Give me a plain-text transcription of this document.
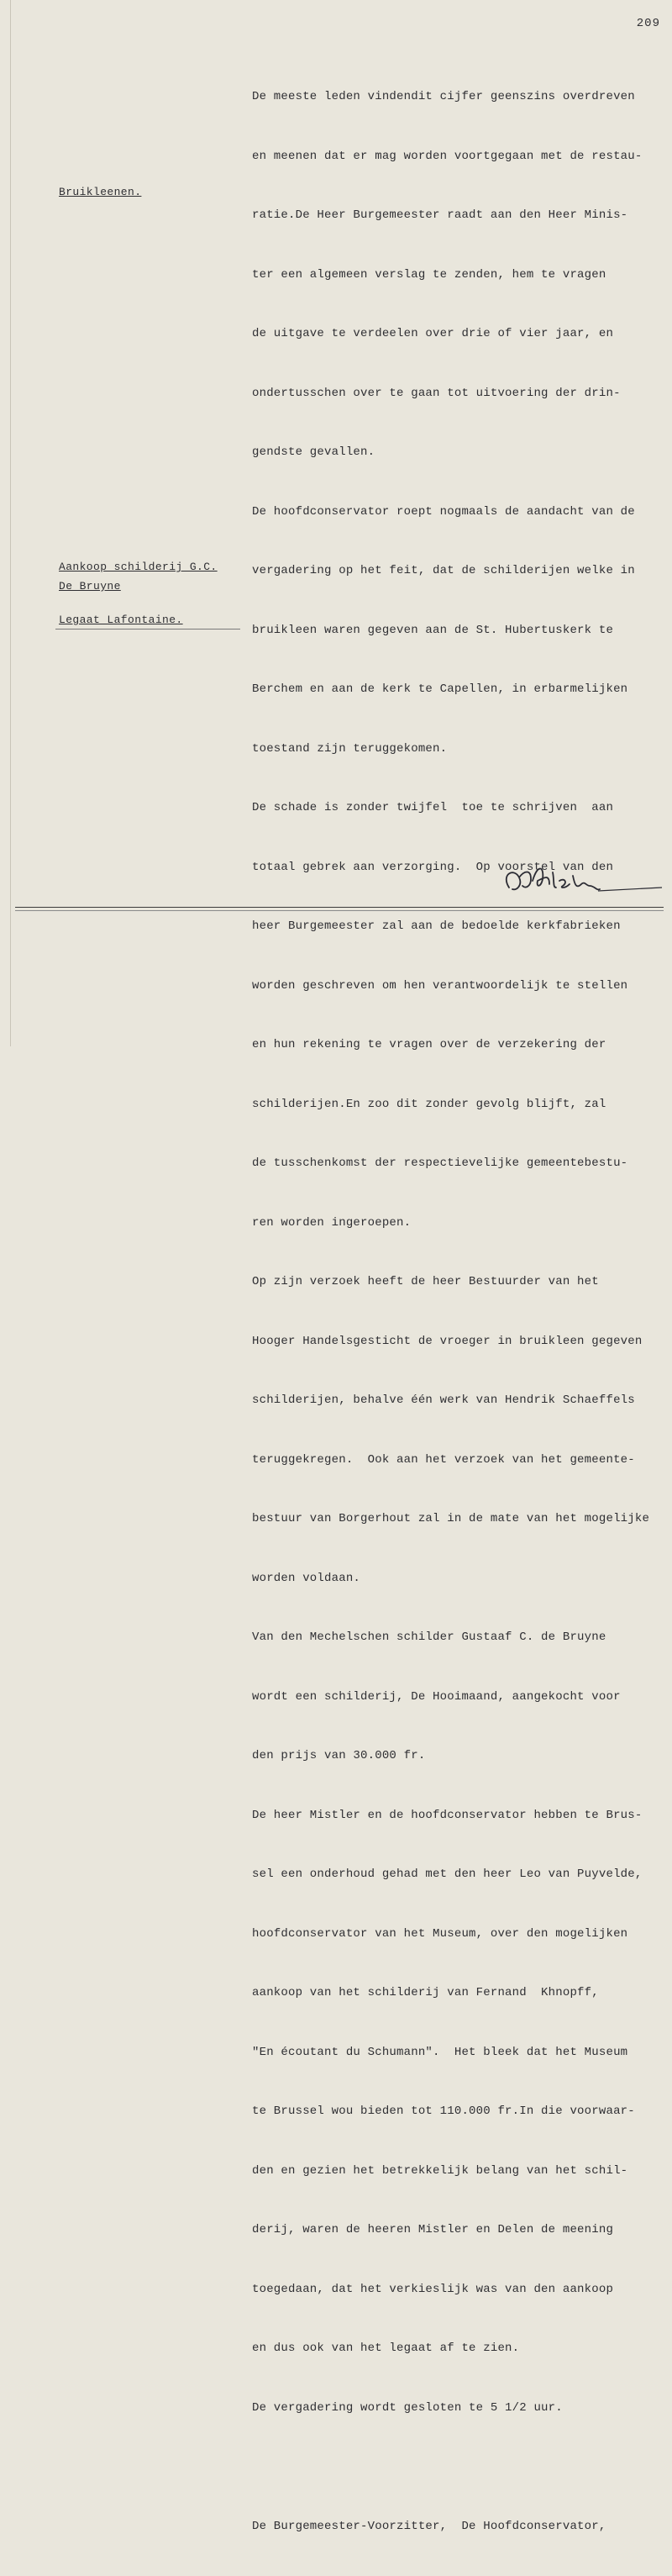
209
Bruikleenen.
Aankoop schilderij G.C.
De Bruyne
Legaat Lafontaine.

De meeste leden vindendit cijfer geenszins overdreven

en meenen dat er mag worden voortgegaan met de restau-

ratie.De Heer Burgemeester raadt aan den Heer Minis-

ter een algemeen verslag te zenden, hem te vragen

de uitgave te verdeelen over drie of vier jaar, en

ondertusschen over te gaan tot uitvoering der drin-

gendste gevallen.

De hoofdconservator roept nogmaals de aandacht van de

vergadering op het feit, dat de schilderijen welke in

bruikleen waren gegeven aan de St. Hubertuskerk te

Berchem en aan de kerk te Capellen, in erbarmelijken

toestand zijn teruggekomen.

De schade is zonder twijfel  toe te schrijven  aan

totaal gebrek aan verzorging.  Op voorstel van den

heer Burgemeester zal aan de bedoelde kerkfabrieken

worden geschreven om hen verantwoordelijk te stellen

en hun rekening te vragen over de verzekering der

schilderijen.En zoo dit zonder gevolg blijft, zal

de tusschenkomst der respectievelijke gemeentebestu-

ren worden ingeroepen.

Op zijn verzoek heeft de heer Bestuurder van het

Hooger Handelsgesticht de vroeger in bruikleen gegeven

schilderijen, behalve één werk van Hendrik Schaeffels

teruggekregen.  Ook aan het verzoek van het gemeente-

bestuur van Borgerhout zal in de mate van het mogelijke

worden voldaan.

Van den Mechelschen schilder Gustaaf C. de Bruyne

wordt een schilderij, De Hooimaand, aangekocht voor

den prijs van 30.000 fr.

De heer Mistler en de hoofdconservator hebben te Brus-

sel een onderhoud gehad met den heer Leo van Puyvelde,

hoofdconservator van het Museum, over den mogelijken

aankoop van het schilderij van Fernand  Khnopff,

"En écoutant du Schumann".  Het bleek dat het Museum

te Brussel wou bieden tot 110.000 fr.In die voorwaar-

den en gezien het betrekkelijk belang van het schil-

derij, waren de heeren Mistler en Delen de meening

toegedaan, dat het verkieslijk was van den aankoop

en dus ook van het legaat af te zien.

De vergadering wordt gesloten te 5 1/2 uur.

De Burgemeester-Voorzitter,  De Hoofdconservator,
